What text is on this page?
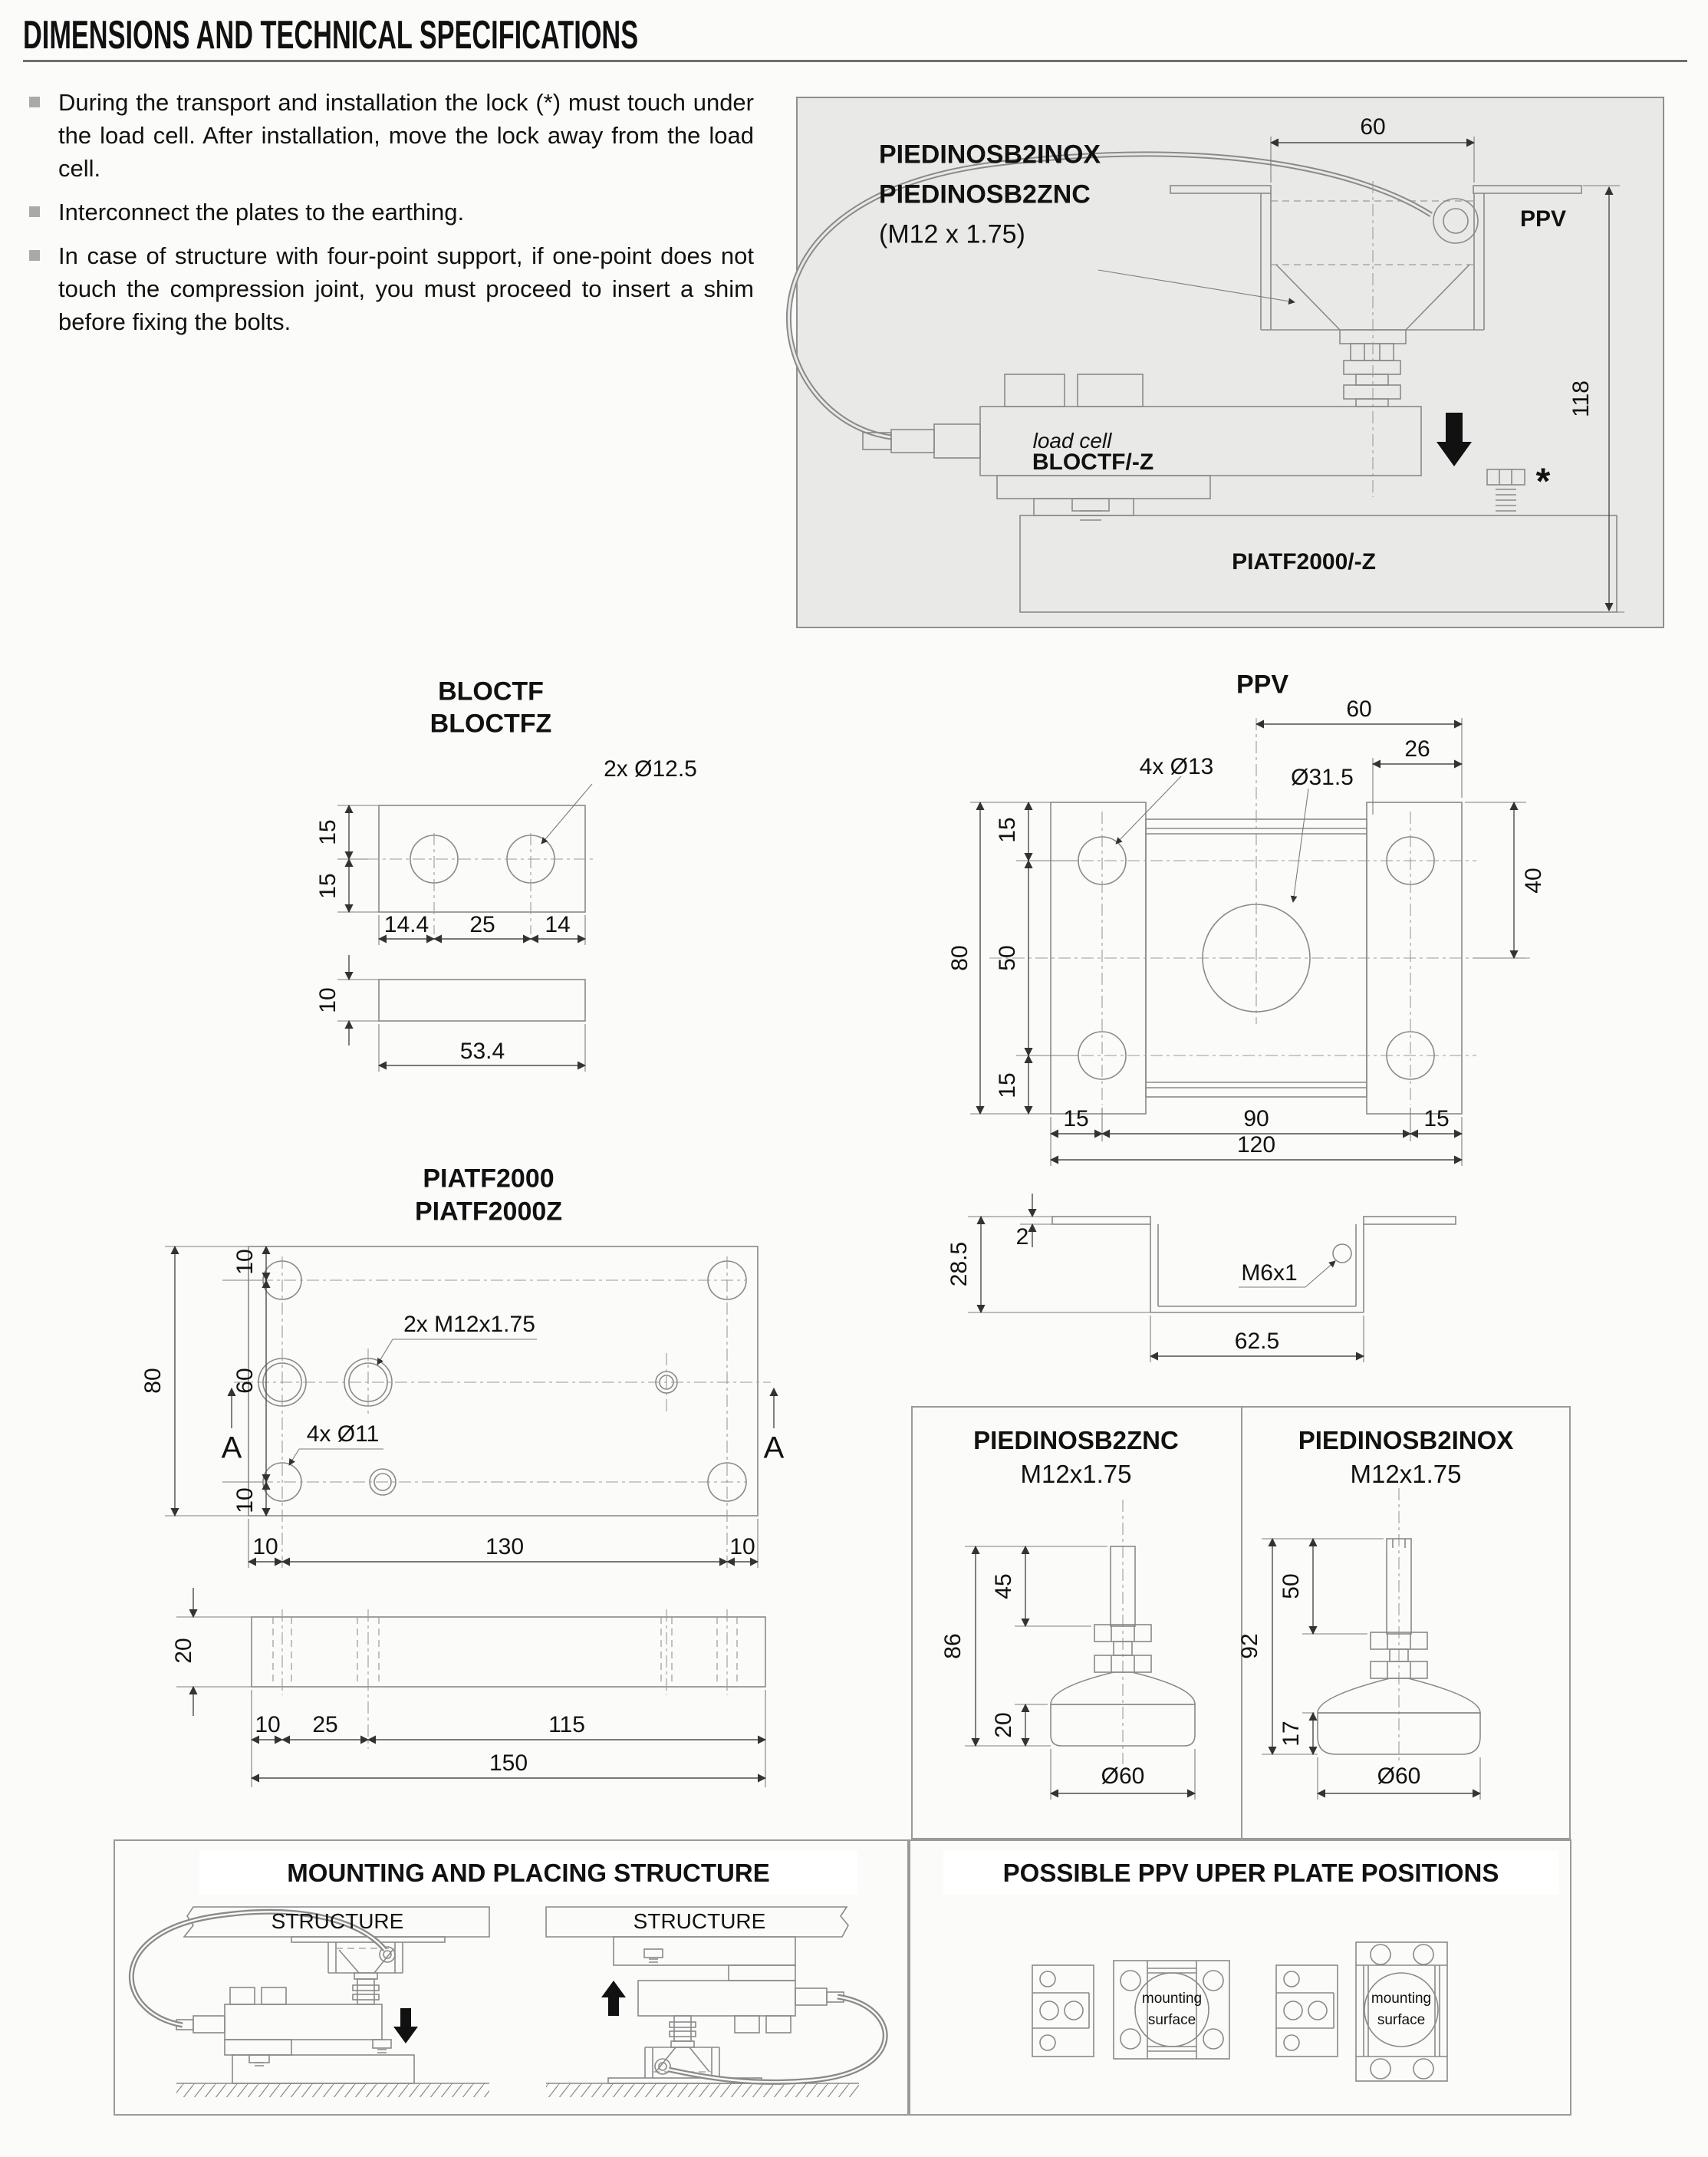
DIMENSIONS AND TECHNICAL SPECIFICATIONS
During the transport and installation the lock (*) must touch under the load cell. After installation, move the lock away from the load cell.
Interconnect the plates to the earthing.
In case of structure with four-point support, if one-point does not touch the compression joint, you must proceed to insert a shim before fixing the bolts.
PIEDINOSB2INOX
PIEDINOSB2ZNC
(M12 x 1.75)
60
PPV
118
load cell
BLOCTF/-Z
PIATF2000/-Z
*
BLOCTF
BLOCTFZ
2x Ø12.5
15
15
14.4 25 14
10
53.4
PPV
60
26
4x Ø13	Ø31.5
80
15
50
15
40
15	90	15
120
28.5
2
M6x1
62.5
PIATF2000
PIATF2000Z
2x M12x1.75
4x Ø11
A	A
80
10
60
10
10	130	10
20
10 25	115
150
PIEDINOSB2ZNC
M12x1.75
86
45
20
Ø60
PIEDINOSB2INOX
M12x1.75
92
50
17
Ø60
MOUNTING AND PLACING STRUCTURE
STRUCTURE	STRUCTURE
POSSIBLE PPV UPER PLATE POSITIONS
mounting
surface
mounting
surface
